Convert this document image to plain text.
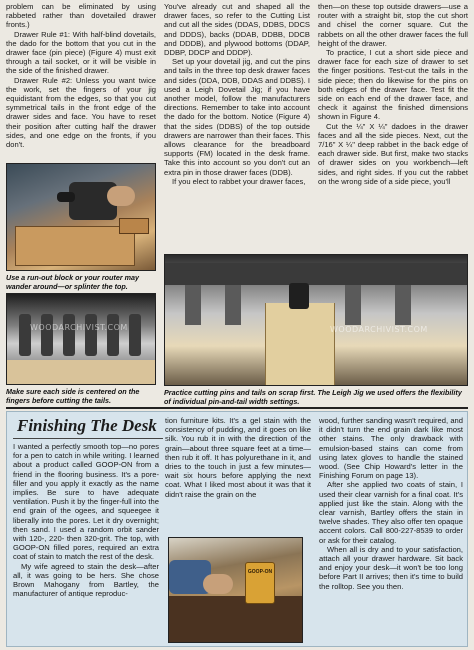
problem can be eliminated by using rabbeted rather than dovetailed drawer fronts.)

Drawer Rule #1: With half-blind dovetails, the dado for the bottom that you cut in the drawer face (pin piece) (Figure 4) must exit through a tail socket, or it will be visible in the side of the finished drawer.

Drawer Rule #2: Unless you want twice the work, set the fingers of your jig equidistant from the edges, so that you cut symmetrical tails in the front edge of the drawer sides and face. You have to reset their position after cutting half the drawer sides, and one edge on the fronts, if you don't.

You've already cut and shaped all the drawer faces, so refer to the Cutting List and cut all the sides (DDAS, DDBS, DDCS and DDDS), backs (DDAB, DDBB, DDCB and DDDB), and plywood bottoms (DDAP, DDBP, DDCP and DDDP).

Set up your dovetail jig, and cut the pins and tails in the three top desk drawer faces and sides (DDA, DDB, DDAS and DDBS). I used a Leigh Dovetail Jig; if you have another model, follow the manufacturers directions. Remember to take into account the dado for the bottom. Notice (Figure 4) that the sides (DDBS) of the top outside drawers are narrower than their faces. This allows clearance for the breadboard supports (FM) located in the desk frame. Take this into account so you don't cut an extra pin in those drawer faces (DDB).

If you elect to rabbet your drawer faces,

then—on these top outside drawers—use a router with a straight bit, stop the cut short and chisel the corner square. Cut the rabbets on all the other drawer faces the full height of the drawer.

To practice, I cut a short side piece and drawer face for each size of drawer to set the finger positions. Test-cut the tails in the side piece; then do likewise for the pins on both edges of the drawer face. Test fit the side on each end of the drawer face, and check it against the finished dimensions shown in Figure 4.

Cut the ¼" X ¼" dadoes in the drawer faces and all the side pieces. Next, cut the 7/16" X ¼" deep rabbet in the back edge of each drawer side. But first, make two stacks of drawer sides on you workbench—left sides, and right sides. If you cut the rabbet on the wrong side of a side piece, you'll

Use a run-out block or your router may wander around—or splinter the top.
WOODARCHIVIST.COM
Make sure each side is centered on the fingers before cutting the tails.
WOODARCHIVIST.COM
Practice cutting pins and tails on scrap first. The Leigh Jig we used offers the flexibility of individual pin-and-tail width settings.
Finishing The Desk

I wanted a perfectly smooth top—no pores for a pen to catch in while writing. I learned about a product called GOOP-ON from a friend in the flooring business. It's a pore-filler and you apply it exactly as the name implies. Be sure to have adequate ventilation. Push it by the finger-full into the end grain of the ogees, and squeegee it liberally into the pores. Let it dry overnight; then sand. I used a random orbit sander with 120-, 220- then 320-grit. The top, with GOOP-ON filled pores, required an extra coat of stain to match the rest of the desk.

My wife agreed to stain the desk—after all, it was going to be hers. She chose Brown Mahogany from Bartley, the manufacturer of antique reproduc-

tion furniture kits. It's a gel stain with the consistency of pudding, and it goes on like silk. You rub it in with the direction of the grain—about three square feet at a time—then rub it off. It has polyurethane in it, and dries to the touch in just a few minutes—wait six hours before applying the next coat. What I liked most about it was that it didn't raise the grain on the

wood, further sanding wasn't required, and it didn't turn the end grain dark like most other stains. The only drawback with emulsion-based stains can come from using latex gloves to handle the stained wood. (See Chip Howard's letter in the Finishing Forum on page 13).

After she applied two coats of stain, I used their clear varnish for a final coat. It's applied just like the stain. Along with the clear varnish, Bartley offers the stain in twelve shades. They also offer ten opaque accent colors. Call 800-227-8539 to order or ask for their catalog.

When all is dry and to your satisfaction, attach all your drawer hardware. Sit back and enjoy your desk—it won't be too long before Part II arrives; then it's time to build the rolltop. See you then.

GOOP-ON
